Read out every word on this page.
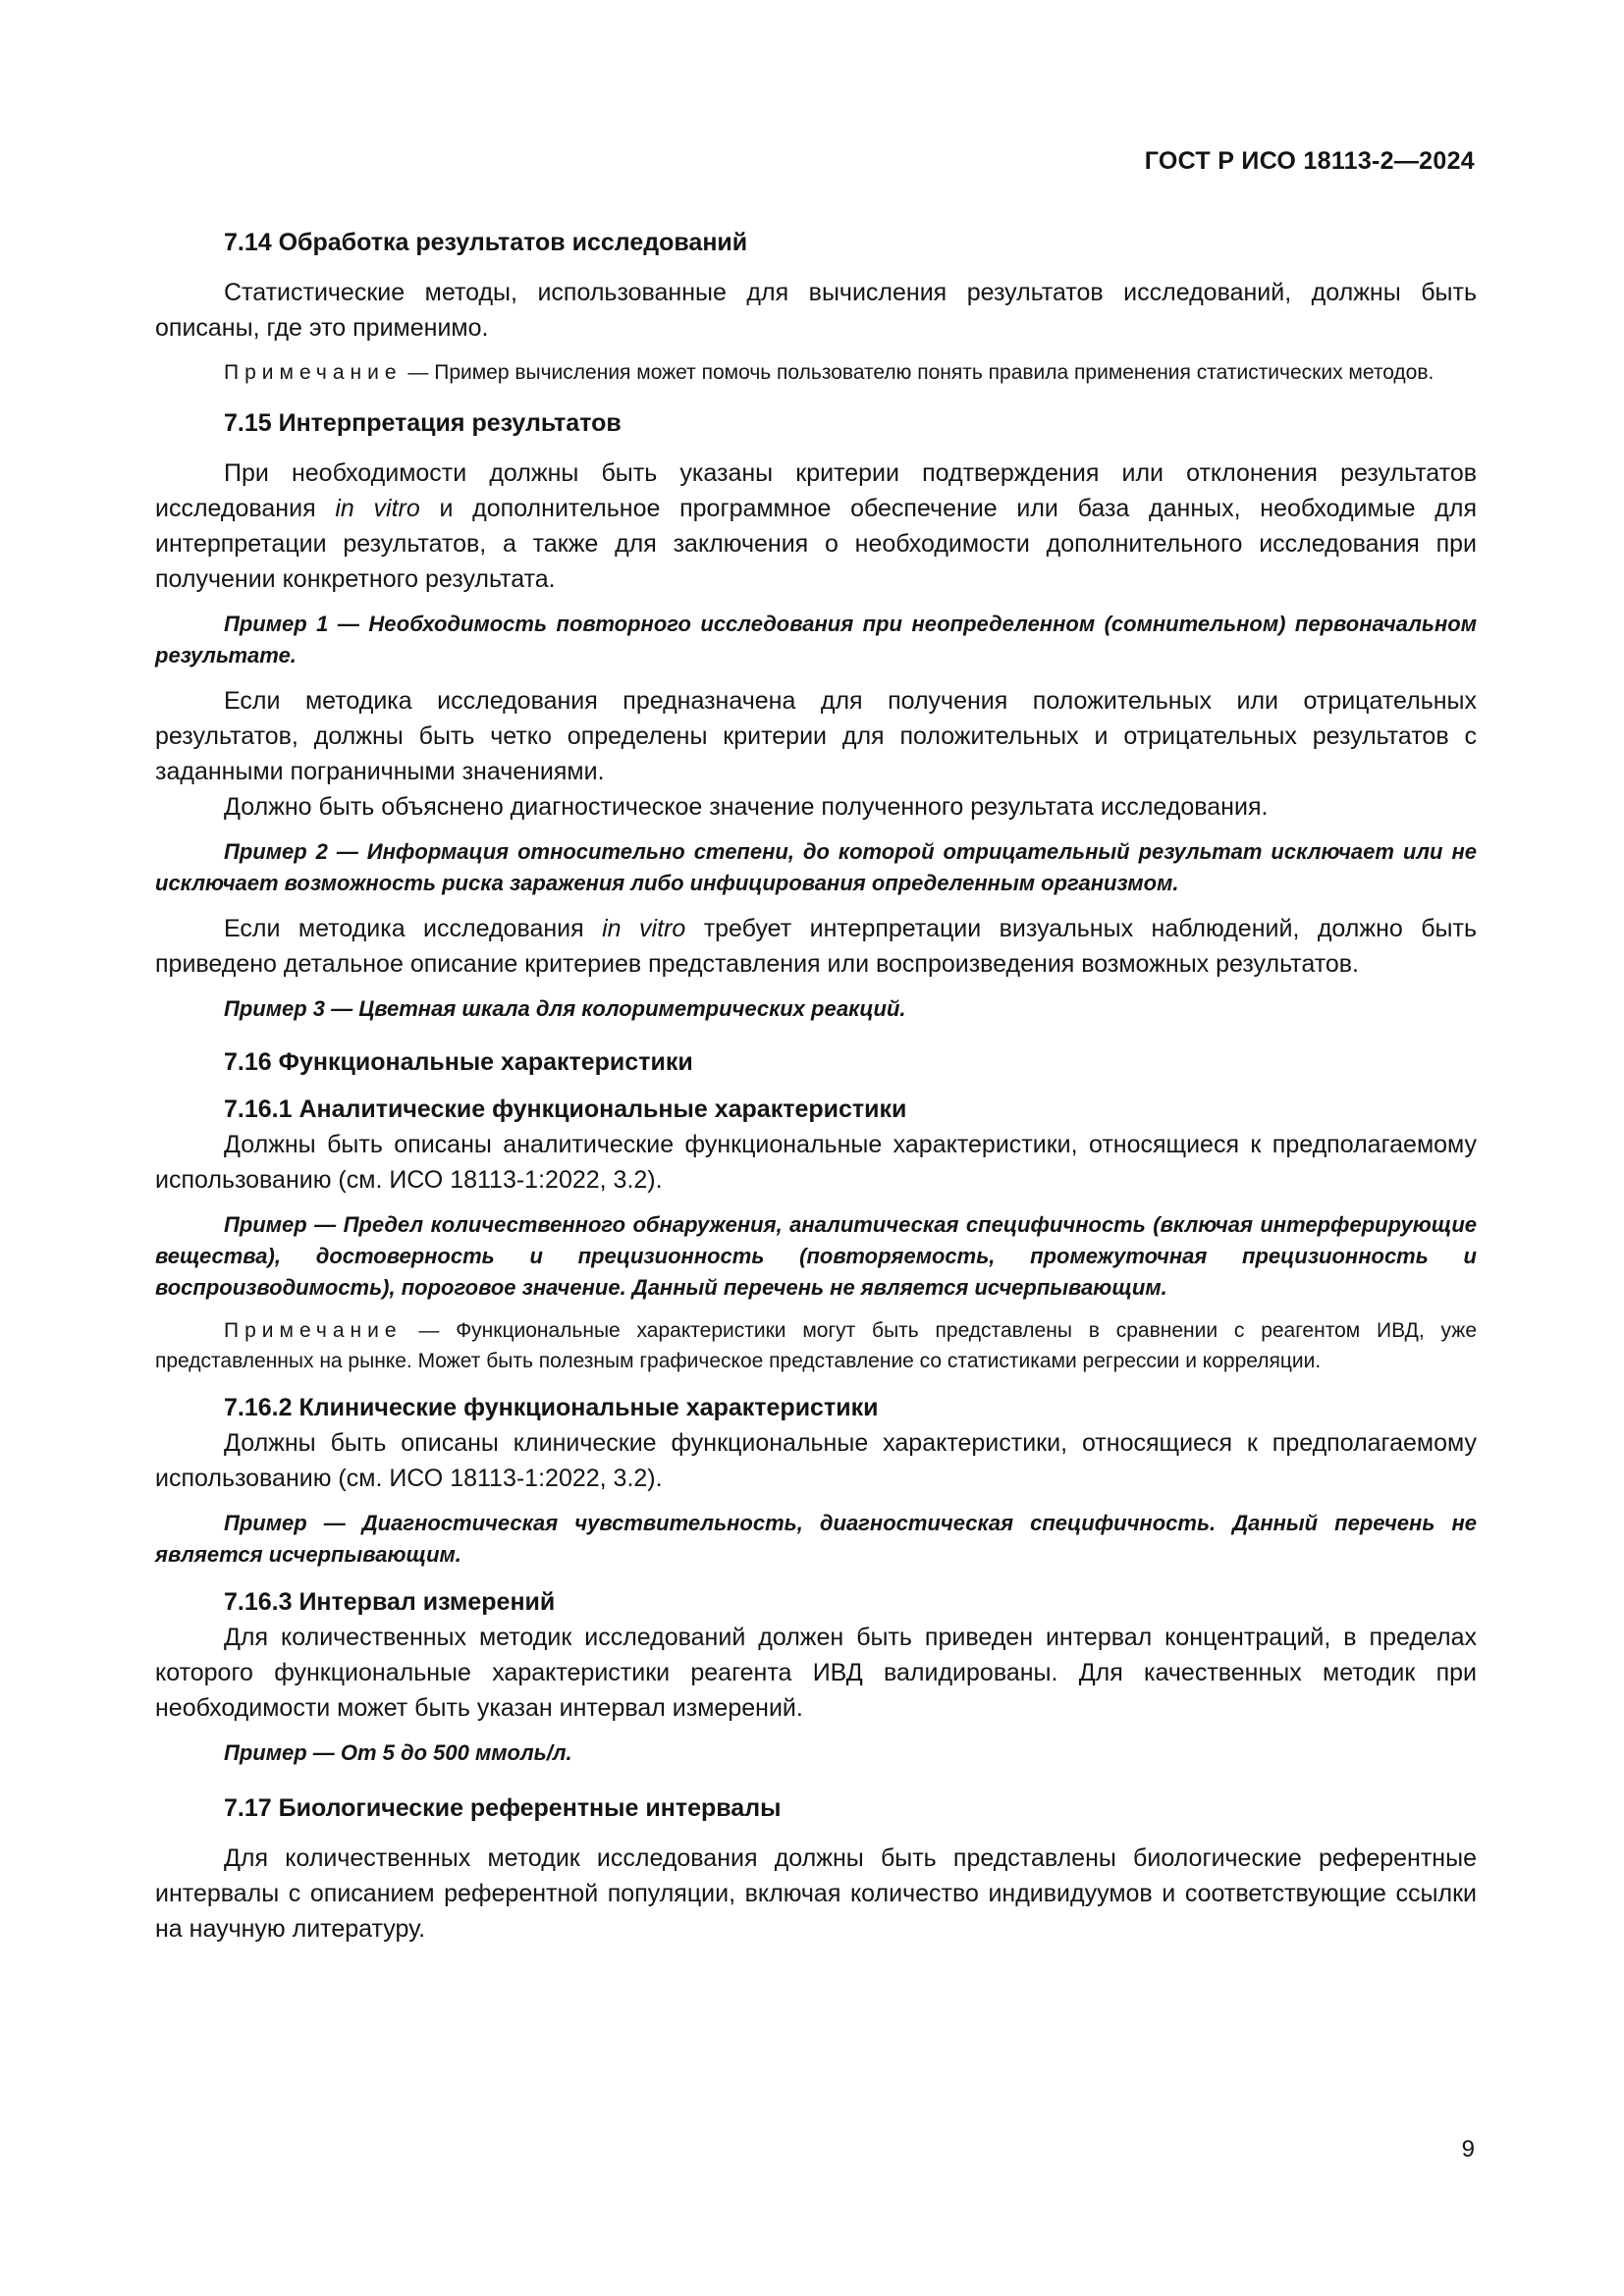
ГОСТ Р ИСО 18113-2—2024

7.14 Обработка результатов исследований

Статистические методы, использованные для вычисления результатов исследований, должны быть описаны, где это применимо.

Примечание — Пример вычисления может помочь пользователю понять правила применения статистических методов.

7.15 Интерпретация результатов

При необходимости должны быть указаны критерии подтверждения или отклонения результатов исследования in vitro и дополнительное программное обеспечение или база данных, необходимые для интерпретации результатов, а также для заключения о необходимости дополнительного исследования при получении конкретного результата.

Пример 1 — Необходимость повторного исследования при неопределенном (сомнительном) первоначальном результате.

Если методика исследования предназначена для получения положительных или отрицательных результатов, должны быть четко определены критерии для положительных и отрицательных результатов с заданными пограничными значениями.

Должно быть объяснено диагностическое значение полученного результата исследования.

Пример 2 — Информация относительно степени, до которой отрицательный результат исключает или не исключает возможность риска заражения либо инфицирования определенным организмом.

Если методика исследования in vitro требует интерпретации визуальных наблюдений, должно быть приведено детальное описание критериев представления или воспроизведения возможных результатов.

Пример 3 — Цветная шкала для колориметрических реакций.

7.16 Функциональные характеристики

7.16.1 Аналитические функциональные характеристики

Должны быть описаны аналитические функциональные характеристики, относящиеся к предполагаемому использованию (см. ИСО 18113-1:2022, 3.2).

Пример — Предел количественного обнаружения, аналитическая специфичность (включая интерферирующие вещества), достоверность и прецизионность (повторяемость, промежуточная прецизионность и воспроизводимость), пороговое значение. Данный перечень не является исчерпывающим.

Примечание — Функциональные характеристики могут быть представлены в сравнении с реагентом ИВД, уже представленных на рынке. Может быть полезным графическое представление со статистиками регрессии и корреляции.

7.16.2 Клинические функциональные характеристики

Должны быть описаны клинические функциональные характеристики, относящиеся к предполагаемому использованию (см. ИСО 18113-1:2022, 3.2).

Пример — Диагностическая чувствительность, диагностическая специфичность. Данный перечень не является исчерпывающим.

7.16.3 Интервал измерений

Для количественных методик исследований должен быть приведен интервал концентраций, в пределах которого функциональные характеристики реагента ИВД валидированы. Для качественных методик при необходимости может быть указан интервал измерений.

Пример — От 5 до 500 ммоль/л.

7.17 Биологические референтные интервалы

Для количественных методик исследования должны быть представлены биологические референтные интервалы с описанием референтной популяции, включая количество индивидуумов и соответствующие ссылки на научную литературу.

9
